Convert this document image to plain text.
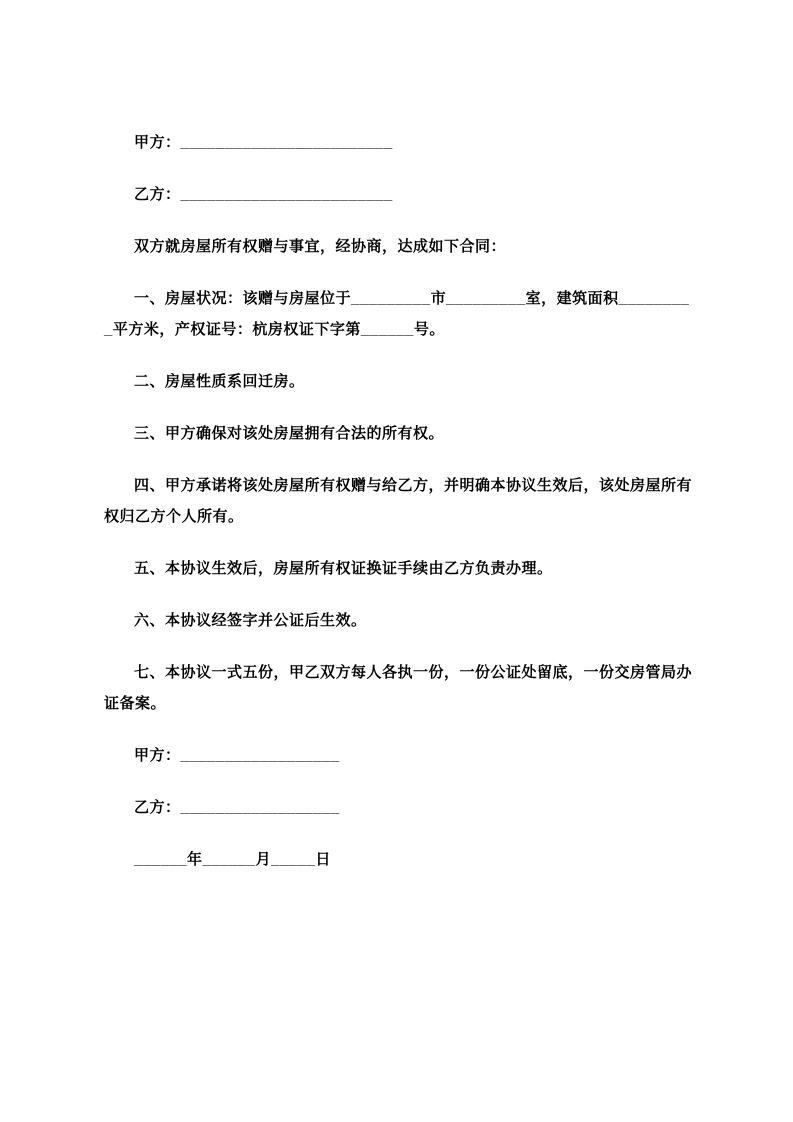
甲方：________________________

乙方：________________________

双方就房屋所有权赠与事宜，经协商，达成如下合同：

一、房屋状况：该赠与房屋位于_________市_________室，建筑面积_________平方米，产权证号：杭房权证下字第______号。

二、房屋性质系回迁房。

三、甲方确保对该处房屋拥有合法的所有权。

四、甲方承诺将该处房屋所有权赠与给乙方，并明确本协议生效后，该处房屋所有权归乙方个人所有。

五、本协议生效后，房屋所有权证换证手续由乙方负责办理。

六、本协议经签字并公证后生效。

七、本协议一式五份，甲乙双方每人各执一份，一份公证处留底，一份交房管局办证备案。

甲方：__________________

乙方：__________________

______年______月_____日
